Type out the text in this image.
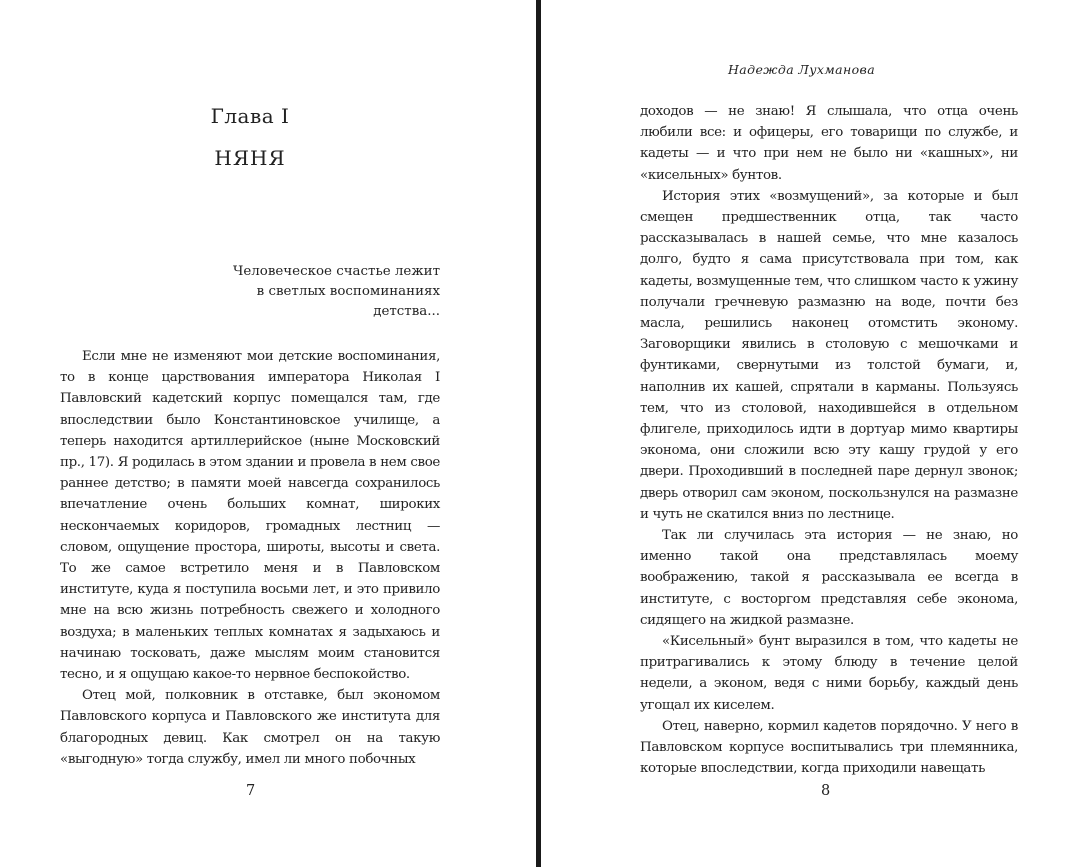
Глава I
НЯНЯ
Человеческое счастье лежит
в светлых воспоминаниях
детства...

Если мне не изменяют мои детские воспоминания, то в конце царствования императора Николая I Павловский кадетский корпус помещался там, где впоследствии было Константиновское училище, а теперь находится артиллерийское (ныне Московский пр., 17). Я родилась в этом здании и провела в нем свое раннее детство; в памяти моей навсегда сохранилось впечатление очень больших комнат, широких нескончаемых коридоров, громадных лестниц — словом, ощущение простора, широты, высоты и света. То же самое встретило меня и в Павловском институте, куда я поступила восьми лет, и это привило мне на всю жизнь потребность свежего и холодного воздуха; в маленьких теплых комнатах я задыхаюсь и начинаю тосковать, даже мыслям моим становится тесно, и я ощущаю какое-то нервное беспокойство.

Отец мой, полковник в отставке, был экономом Павловского корпуса и Павловского же института для благородных девиц. Как смотрел он на такую «выгодную» тогда службу, имел ли много побочных

7
Надежда Лухманова

доходов — не знаю! Я слышала, что отца очень любили все: и офицеры, его товарищи по службе, и кадеты — и что при нем не было ни «кашных», ни «кисельных» бунтов.

История этих «возмущений», за которые и был смещен предшественник отца, так часто рассказывалась в нашей семье, что мне казалось долго, будто я сама присутствовала при том, как кадеты, возмущенные тем, что слишком часто к ужину получали гречневую размазню на воде, почти без масла, решились наконец отомстить эконому. Заговорщики явились в столовую с мешочками и фунтиками, свернутыми из толстой бумаги, и, наполнив их кашей, спрятали в карманы. Пользуясь тем, что из столовой, находившейся в отдельном флигеле, приходилось идти в дортуар мимо квартиры эконома, они сложили всю эту кашу грудой у его двери. Проходивший в последней паре дернул звонок; дверь отворил сам эконом, поскользнулся на размазне и чуть не скатился вниз по лестнице.

Так ли случилась эта история — не знаю, но именно такой она представлялась моему воображению, такой я рассказывала ее всегда в институте, с восторгом представляя себе эконома, сидящего на жидкой размазне.

«Кисельный» бунт выразился в том, что кадеты не притрагивались к этому блюду в течение целой недели, а эконом, ведя с ними борьбу, каждый день угощал их киселем.

Отец, наверно, кормил кадетов порядочно. У него в Павловском корпусе воспитывались три племянника, которые впоследствии, когда приходили навещать

8
